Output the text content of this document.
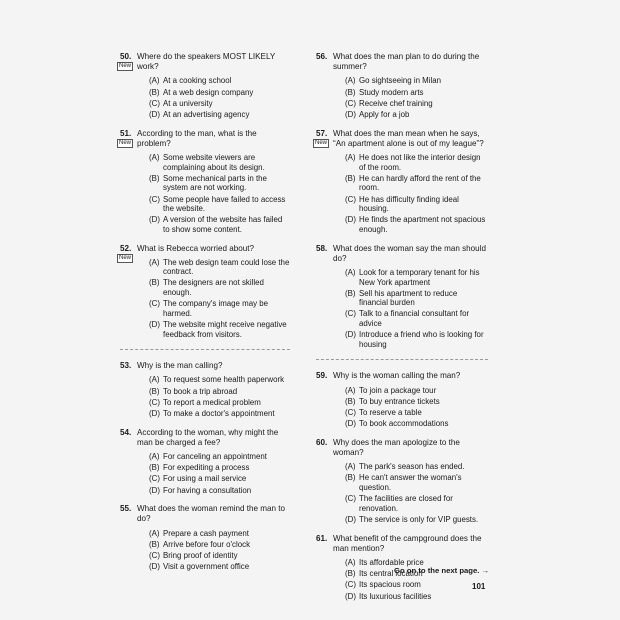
50.
New
Where do the speakers MOST LIKELY work?
(A) At a cooking school
(B) At a web design company
(C) At a university
(D) At an advertising agency
51.
New
According to the man, what is the problem?
(A) Some website viewers are complaining about its design.
(B) Some mechanical parts in the system are not working.
(C) Some people have failed to access the website.
(D) A version of the website has failed to show some content.
52.
New
What is Rebecca worried about?
(A) The web design team could lose the contract.
(B) The designers are not skilled enough.
(C) The company's image may be harmed.
(D) The website might receive negative feedback from visitors.
53. Why is the man calling?
(A) To request some health paperwork
(B) To book a trip abroad
(C) To report a medical problem
(D) To make a doctor's appointment
54. According to the woman, why might the man be charged a fee?
(A) For canceling an appointment
(B) For expediting a process
(C) For using a mail service
(D) For having a consultation
55. What does the woman remind the man to do?
(A) Prepare a cash payment
(B) Arrive before four o'clock
(C) Bring proof of identity
(D) Visit a government office
56. What does the man plan to do during the summer?
(A) Go sightseeing in Milan
(B) Study modern arts
(C) Receive chef training
(D) Apply for a job
57.
New
What does the man mean when he says, “An apartment alone is out of my league”?
(A) He does not like the interior design of the room.
(B) He can hardly afford the rent of the room.
(C) He has difficulty finding ideal housing.
(D) He finds the apartment not spacious enough.
58. What does the woman say the man should do?
(A) Look for a temporary tenant for his New York apartment
(B) Sell his apartment to reduce financial burden
(C) Talk to a financial consultant for advice
(D) Introduce a friend who is looking for housing
59. Why is the woman calling the man?
(A) To join a package tour
(B) To buy entrance tickets
(C) To reserve a table
(D) To book accommodations
60. Why does the man apologize to the woman?
(A) The park's season has ended.
(B) He can't answer the woman's question.
(C) The facilities are closed for renovation.
(D) The service is only for VIP guests.
61. What benefit of the campground does the man mention?
(A) Its affordable price
(B) Its central location
(C) Its spacious room
(D) Its luxurious facilities
Go on to the next page. →
101
